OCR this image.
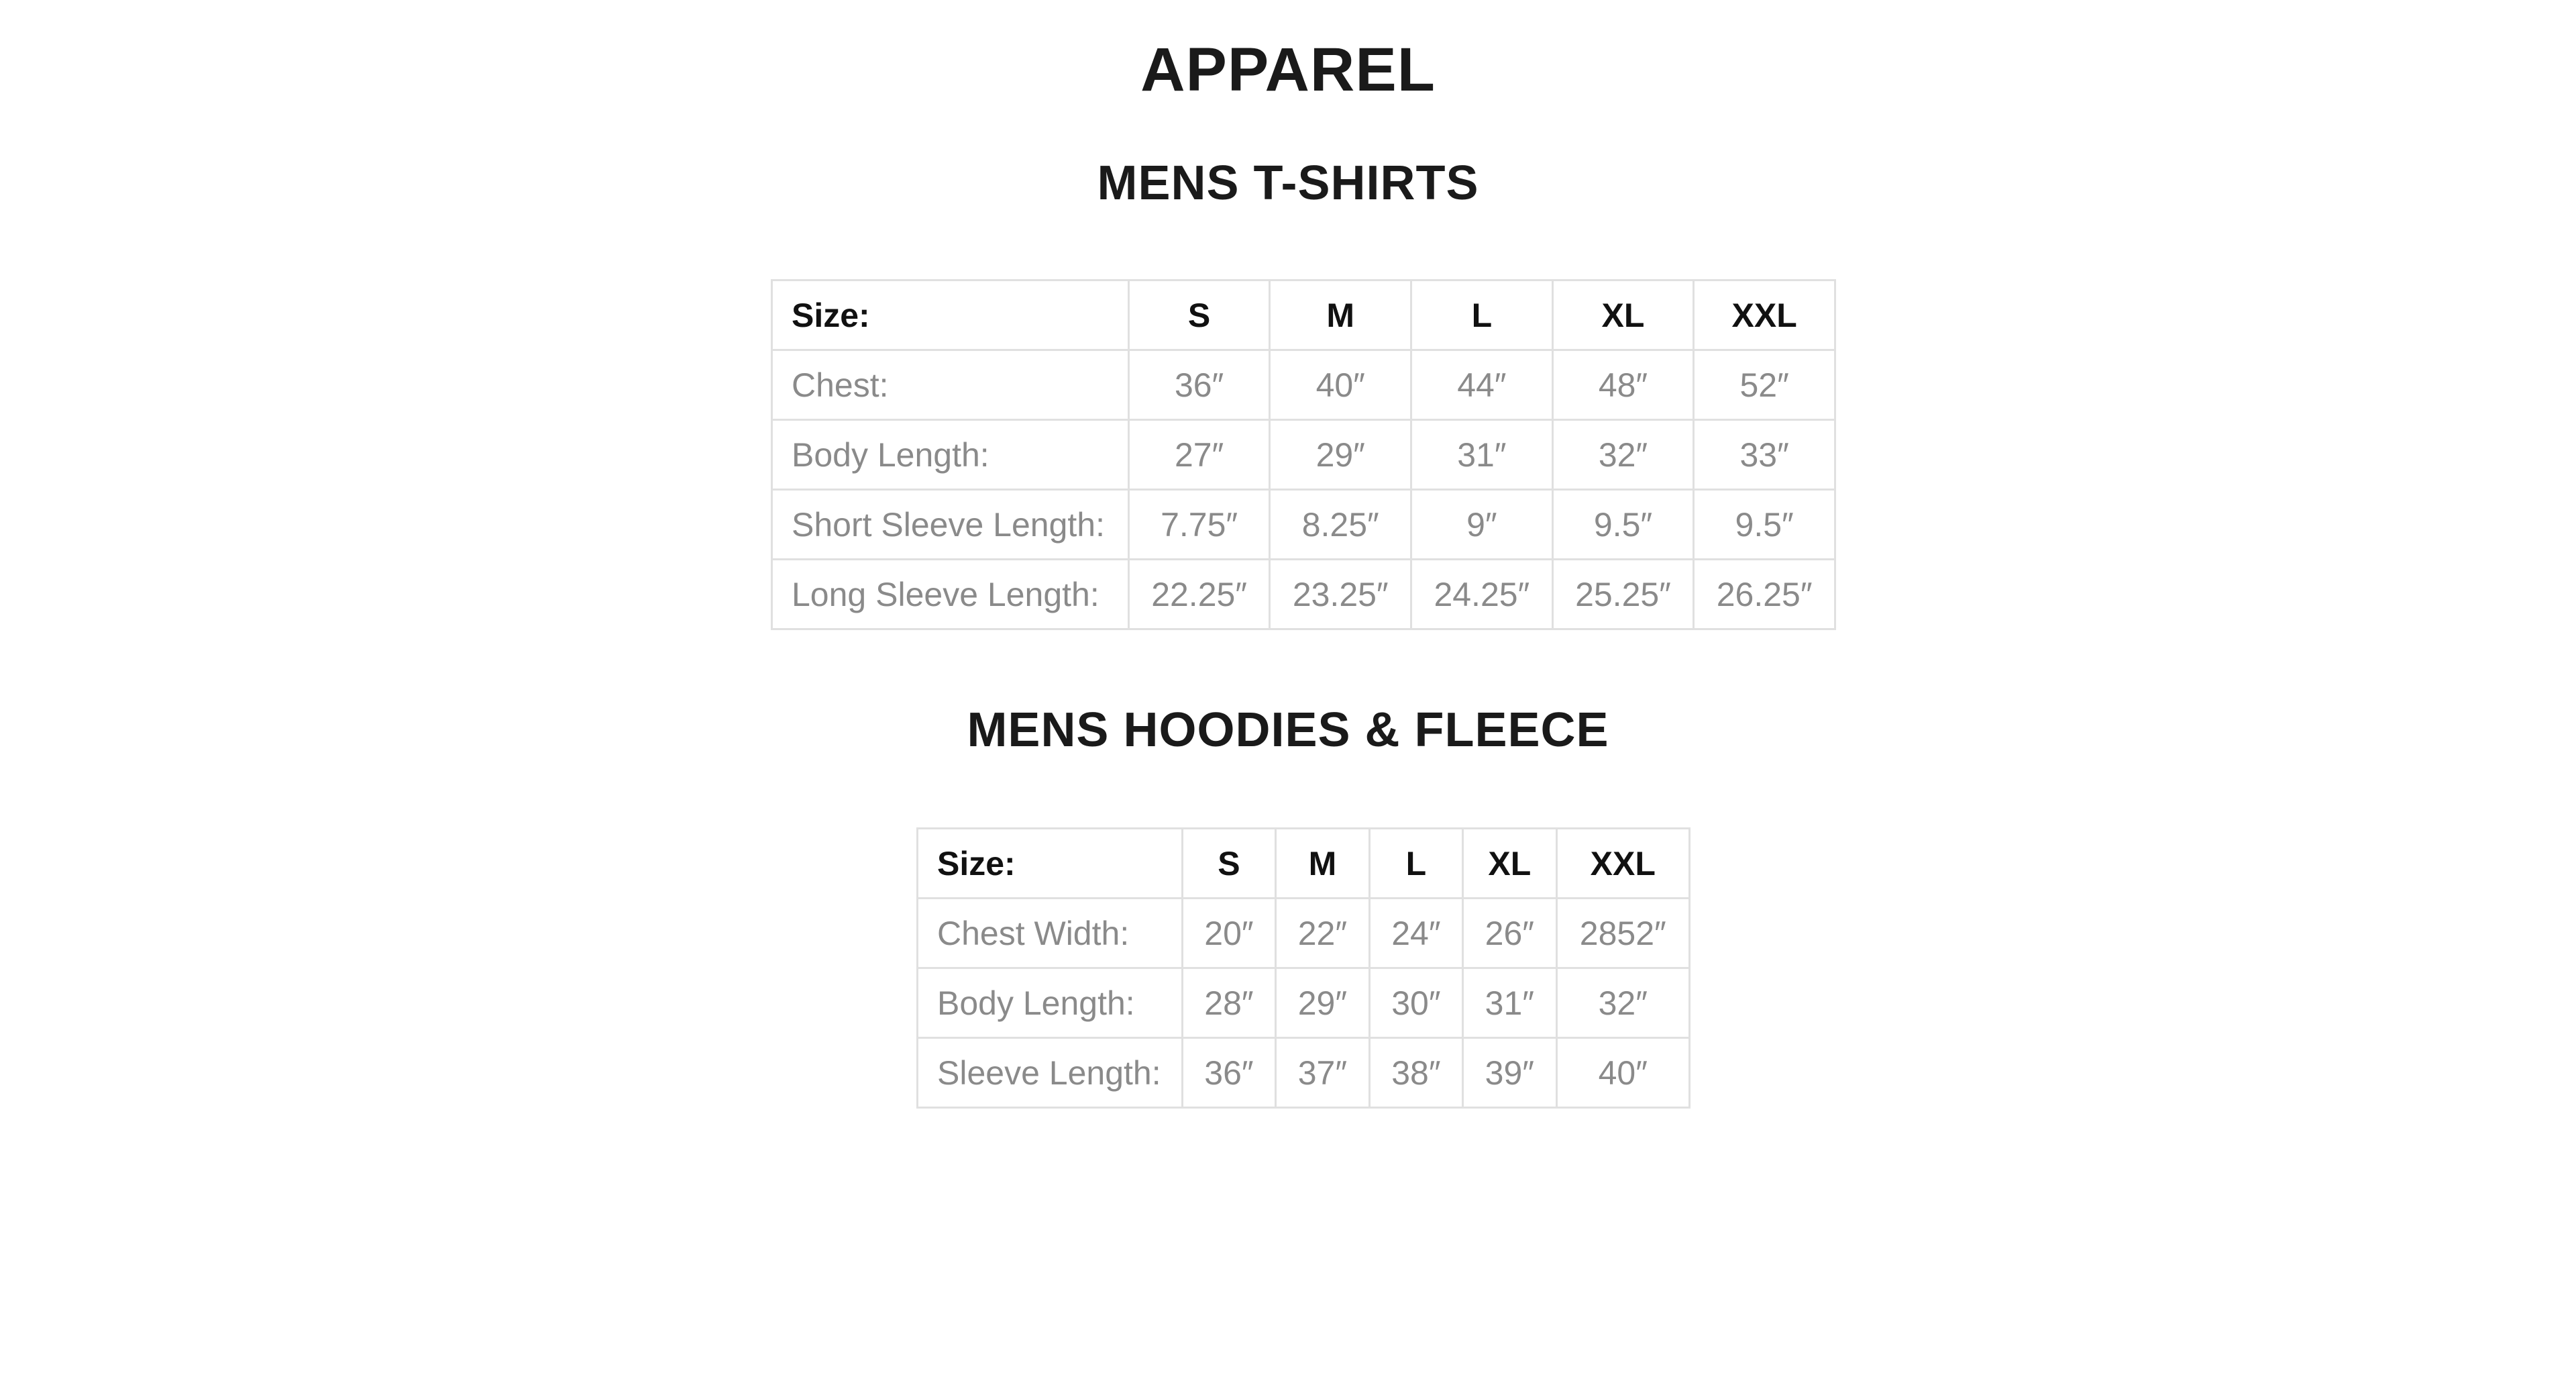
APPAREL
MENS T-SHIRTS
Size:	S	M	L	XL	XXL
Chest:	36″	40″	44″	48″	52″
Body Length:	27″	29″	31″	32″	33″
Short Sleeve Length:	7.75″	8.25″	9″	9.5″	9.5″
Long Sleeve Length:	22.25″	23.25″	24.25″	25.25″	26.25″
MENS HOODIES & FLEECE
Size:	S	M	L	XL	XXL
Chest Width:	20″	22″	24″	26″	2852″
Body Length:	28″	29″	30″	31″	32″
Sleeve Length:	36″	37″	38″	39″	40″
